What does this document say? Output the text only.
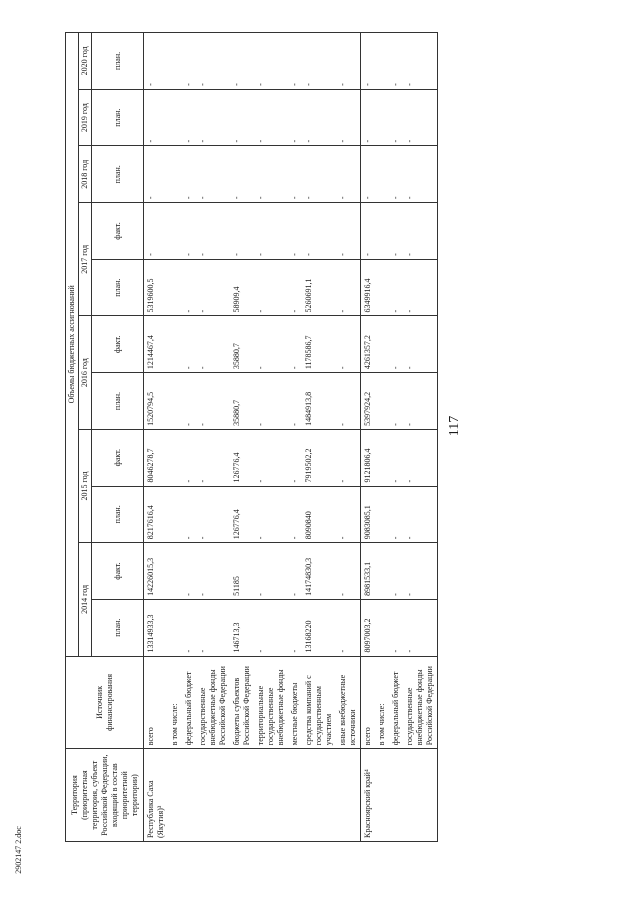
117
Территория (приоритетная территория, субъект Российской Федерации, входящий в состав приоритетной территории)	Источник финансирования	Объемы бюджетных ассигнований										
		2014 год		2015 год		2016 год		2017 год		2018 год	2019 год	2020 год
		план.	факт.	план.	факт.	план.	факт.	план.	факт.	план.	план.	план.
Республика Саха (Якутия)³	всего	13314933,3	14226015,3	8217616,4	8046278,7	1520794,5	1214467,4	5319600,5	-	-	-	-
	в том числе:											
	федеральный бюджет	-	-	-	-	-	-	-	-	-	-	-
	государственные внебюджетные фонды Российской Федерации	-	-	-	-	-	-	-	-	-	-	-
	бюджеты субъектов Российской Федерации	146713,3	51185	126776,4	126776,4	35880,7	35880,7	58909,4	-	-	-	-
	территориальные государственные внебюджетные фонды	-	-	-	-	-	-	-	-	-	-	-
	местные бюджеты	-	-	-	-	-	-	-	-	-	-	-
	средства компаний с государственным участием	13168220	14174830,3	8090840	7919502,2	1484913,8	1178586,7	5260691,1	-	-	-	-
	иные внебюджетные источники	-	-	-	-	-	-	-	-	-	-	-
Красноярский край⁴	всего	8097003,2	8981533,1	9083085,1	9121806,4	5397924,2	4261357,2	6349916,4	-	-	-	-
	в том числе:											
	федеральный бюджет	-	-	-	-	-	-	-	-	-	-	-
	государственные внебюджетные фонды Российской Федерации	-	-	-	-	-	-	-	-	-	-	-
2902147 2.doc
